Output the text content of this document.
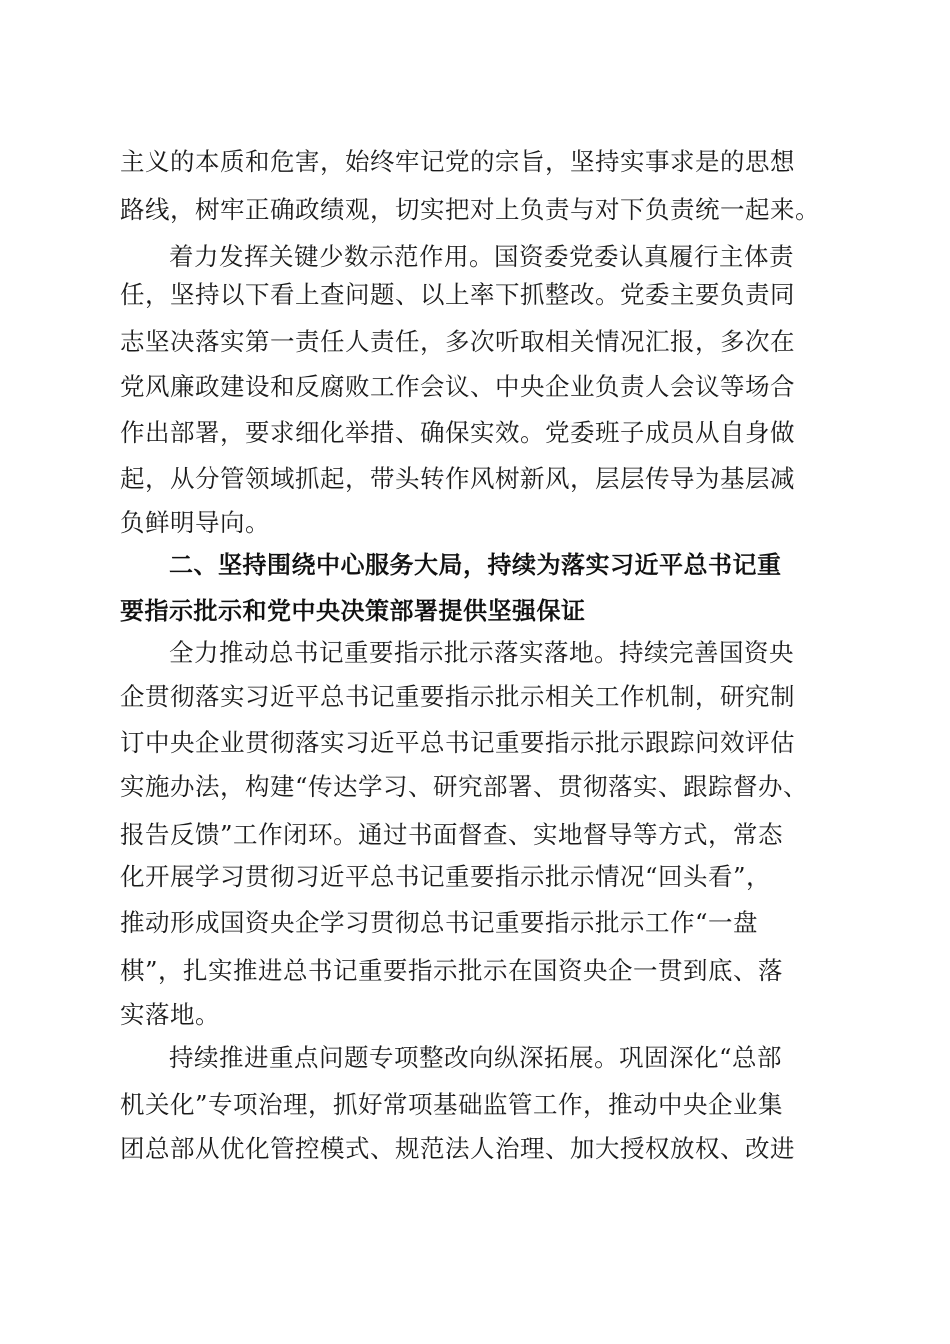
主义的本质和危害，始终牢记党的宗旨，坚持实事求是的思想
路线，树牢正确政绩观，切实把对上负责与对下负责统一起来。
着力发挥关键少数示范作用。国资委党委认真履行主体责
任，坚持以下看上查问题、以上率下抓整改。党委主要负责同
志坚决落实第一责任人责任，多次听取相关情况汇报，多次在
党风廉政建设和反腐败工作会议、中央企业负责人会议等场合
作出部署，要求细化举措、确保实效。党委班子成员从自身做
起，从分管领域抓起，带头转作风树新风，层层传导为基层减
负鲜明导向。
二、坚持围绕中心服务大局，持续为落实习近平总书记重
要指示批示和党中央决策部署提供坚强保证
全力推动总书记重要指示批示落实落地。持续完善国资央
企贯彻落实习近平总书记重要指示批示相关工作机制，研究制
订中央企业贯彻落实习近平总书记重要指示批示跟踪问效评估
实施办法，构建“传达学习、研究部署、贯彻落实、跟踪督办、
报告反馈”工作闭环。通过书面督查、实地督导等方式，常态
化开展学习贯彻习近平总书记重要指示批示情况“回头看”，
推动形成国资央企学习贯彻总书记重要指示批示工作“一盘
棋”，扎实推进总书记重要指示批示在国资央企一贯到底、落
实落地。
持续推进重点问题专项整改向纵深拓展。巩固深化“总部
机关化”专项治理，抓好常项基础监管工作，推动中央企业集
团总部从优化管控模式、规范法人治理、加大授权放权、改进
